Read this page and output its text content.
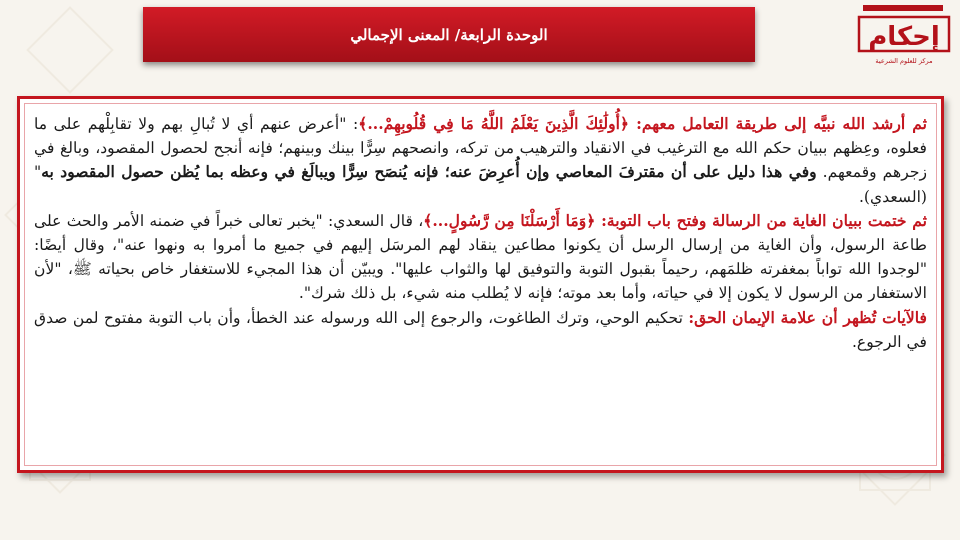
الوحدة الرابعة/ المعنى الإجمالي	إحكام
مركز للعلوم الشرعية

ثم أرشد الله نبيَّه إلى طريقة التعامل معهم: ﴿أُولَٰئِكَ الَّذِينَ يَعْلَمُ اللَّهُ مَا فِي قُلُوبِهِمْ...﴾: "أعرض عنهم أي لا تُبالِ بهم ولا تقابِلْهم على ما فعلوه، وعِظهم ببيان حكم الله مع الترغيب في الانقياد والترهيب من تركه، وانصحهم سِرًّا بينك وبينهم؛ فإنه أنجح لحصول المقصود، وبالغ في زجرهم وقمعهم. وفي هذا دليل على أن مقترفَ المعاصي وإن أُعرِضَ عنه؛ فإنه يُنصَح سِرًّا ويبالَغ في وعظه بما يُظن حصول المقصود به" (السعدي).

ثم ختمت ببيان الغاية من الرسالة وفتح باب التوبة: ﴿وَمَا أَرْسَلْنَا مِن رَّسُولٍ...﴾، قال السعدي: "يخبر تعالى خبراً في ضمنه الأمر والحث على طاعة الرسول، وأن الغاية من إرسال الرسل أن يكونوا مطاعين ينقاد لهم المرسَل إليهم في جميع ما أمروا به ونهوا عنه"، وقال أيضًا: "لوجدوا الله تواباً بمغفرته ظلمَهم، رحيماً بقبول التوبة والتوفيق لها والثواب عليها". ويبيّن أن هذا المجيء للاستغفار خاص بحياته ﷺ، "لأن الاستغفار من الرسول لا يكون إلا في حياته، وأما بعد موته؛ فإنه لا يُطلب منه شيء، بل ذلك شرك".

فالآيات تُظهر أن علامة الإيمان الحق: تحكيم الوحي، وترك الطاغوت، والرجوع إلى الله ورسوله عند الخطأ، وأن باب التوبة مفتوح لمن صدق في الرجوع.
